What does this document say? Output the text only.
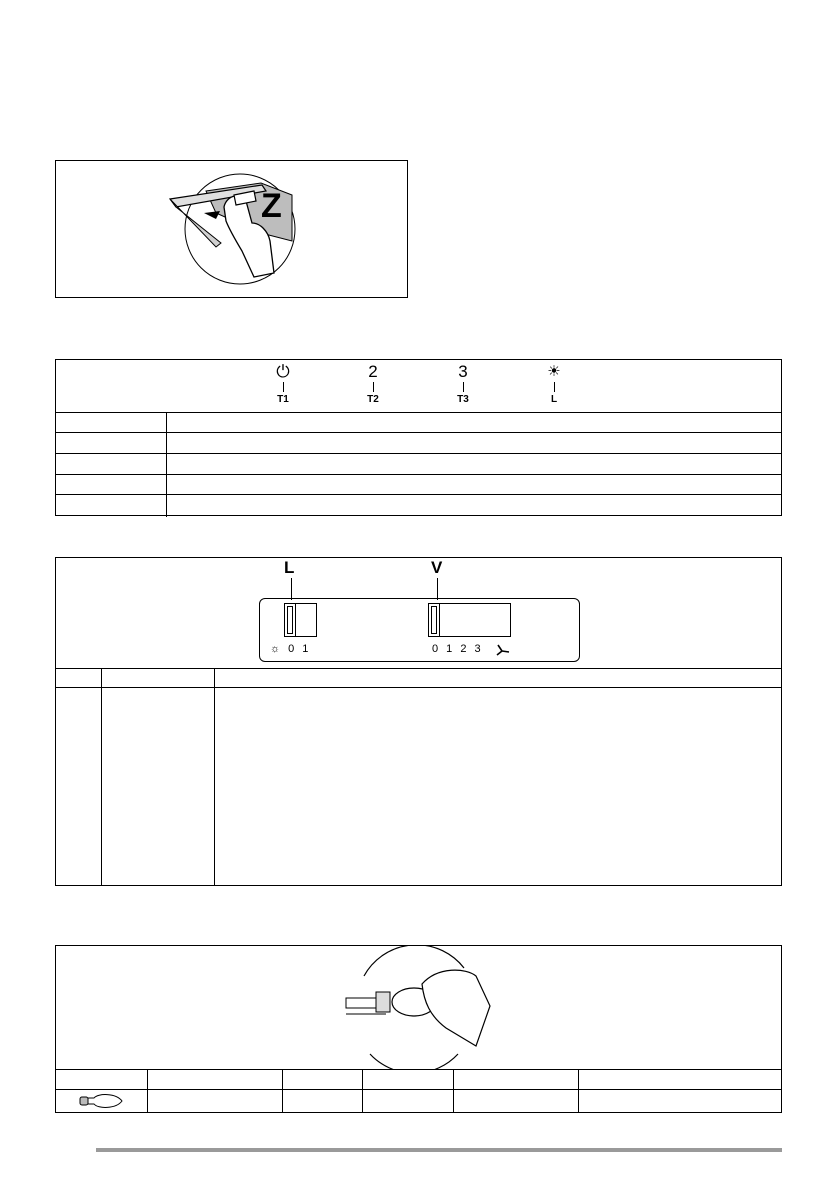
Z
⏻
T1
2
T2
3
T3
☀
L
L	V
☼ 0 1	0 1 2 3
